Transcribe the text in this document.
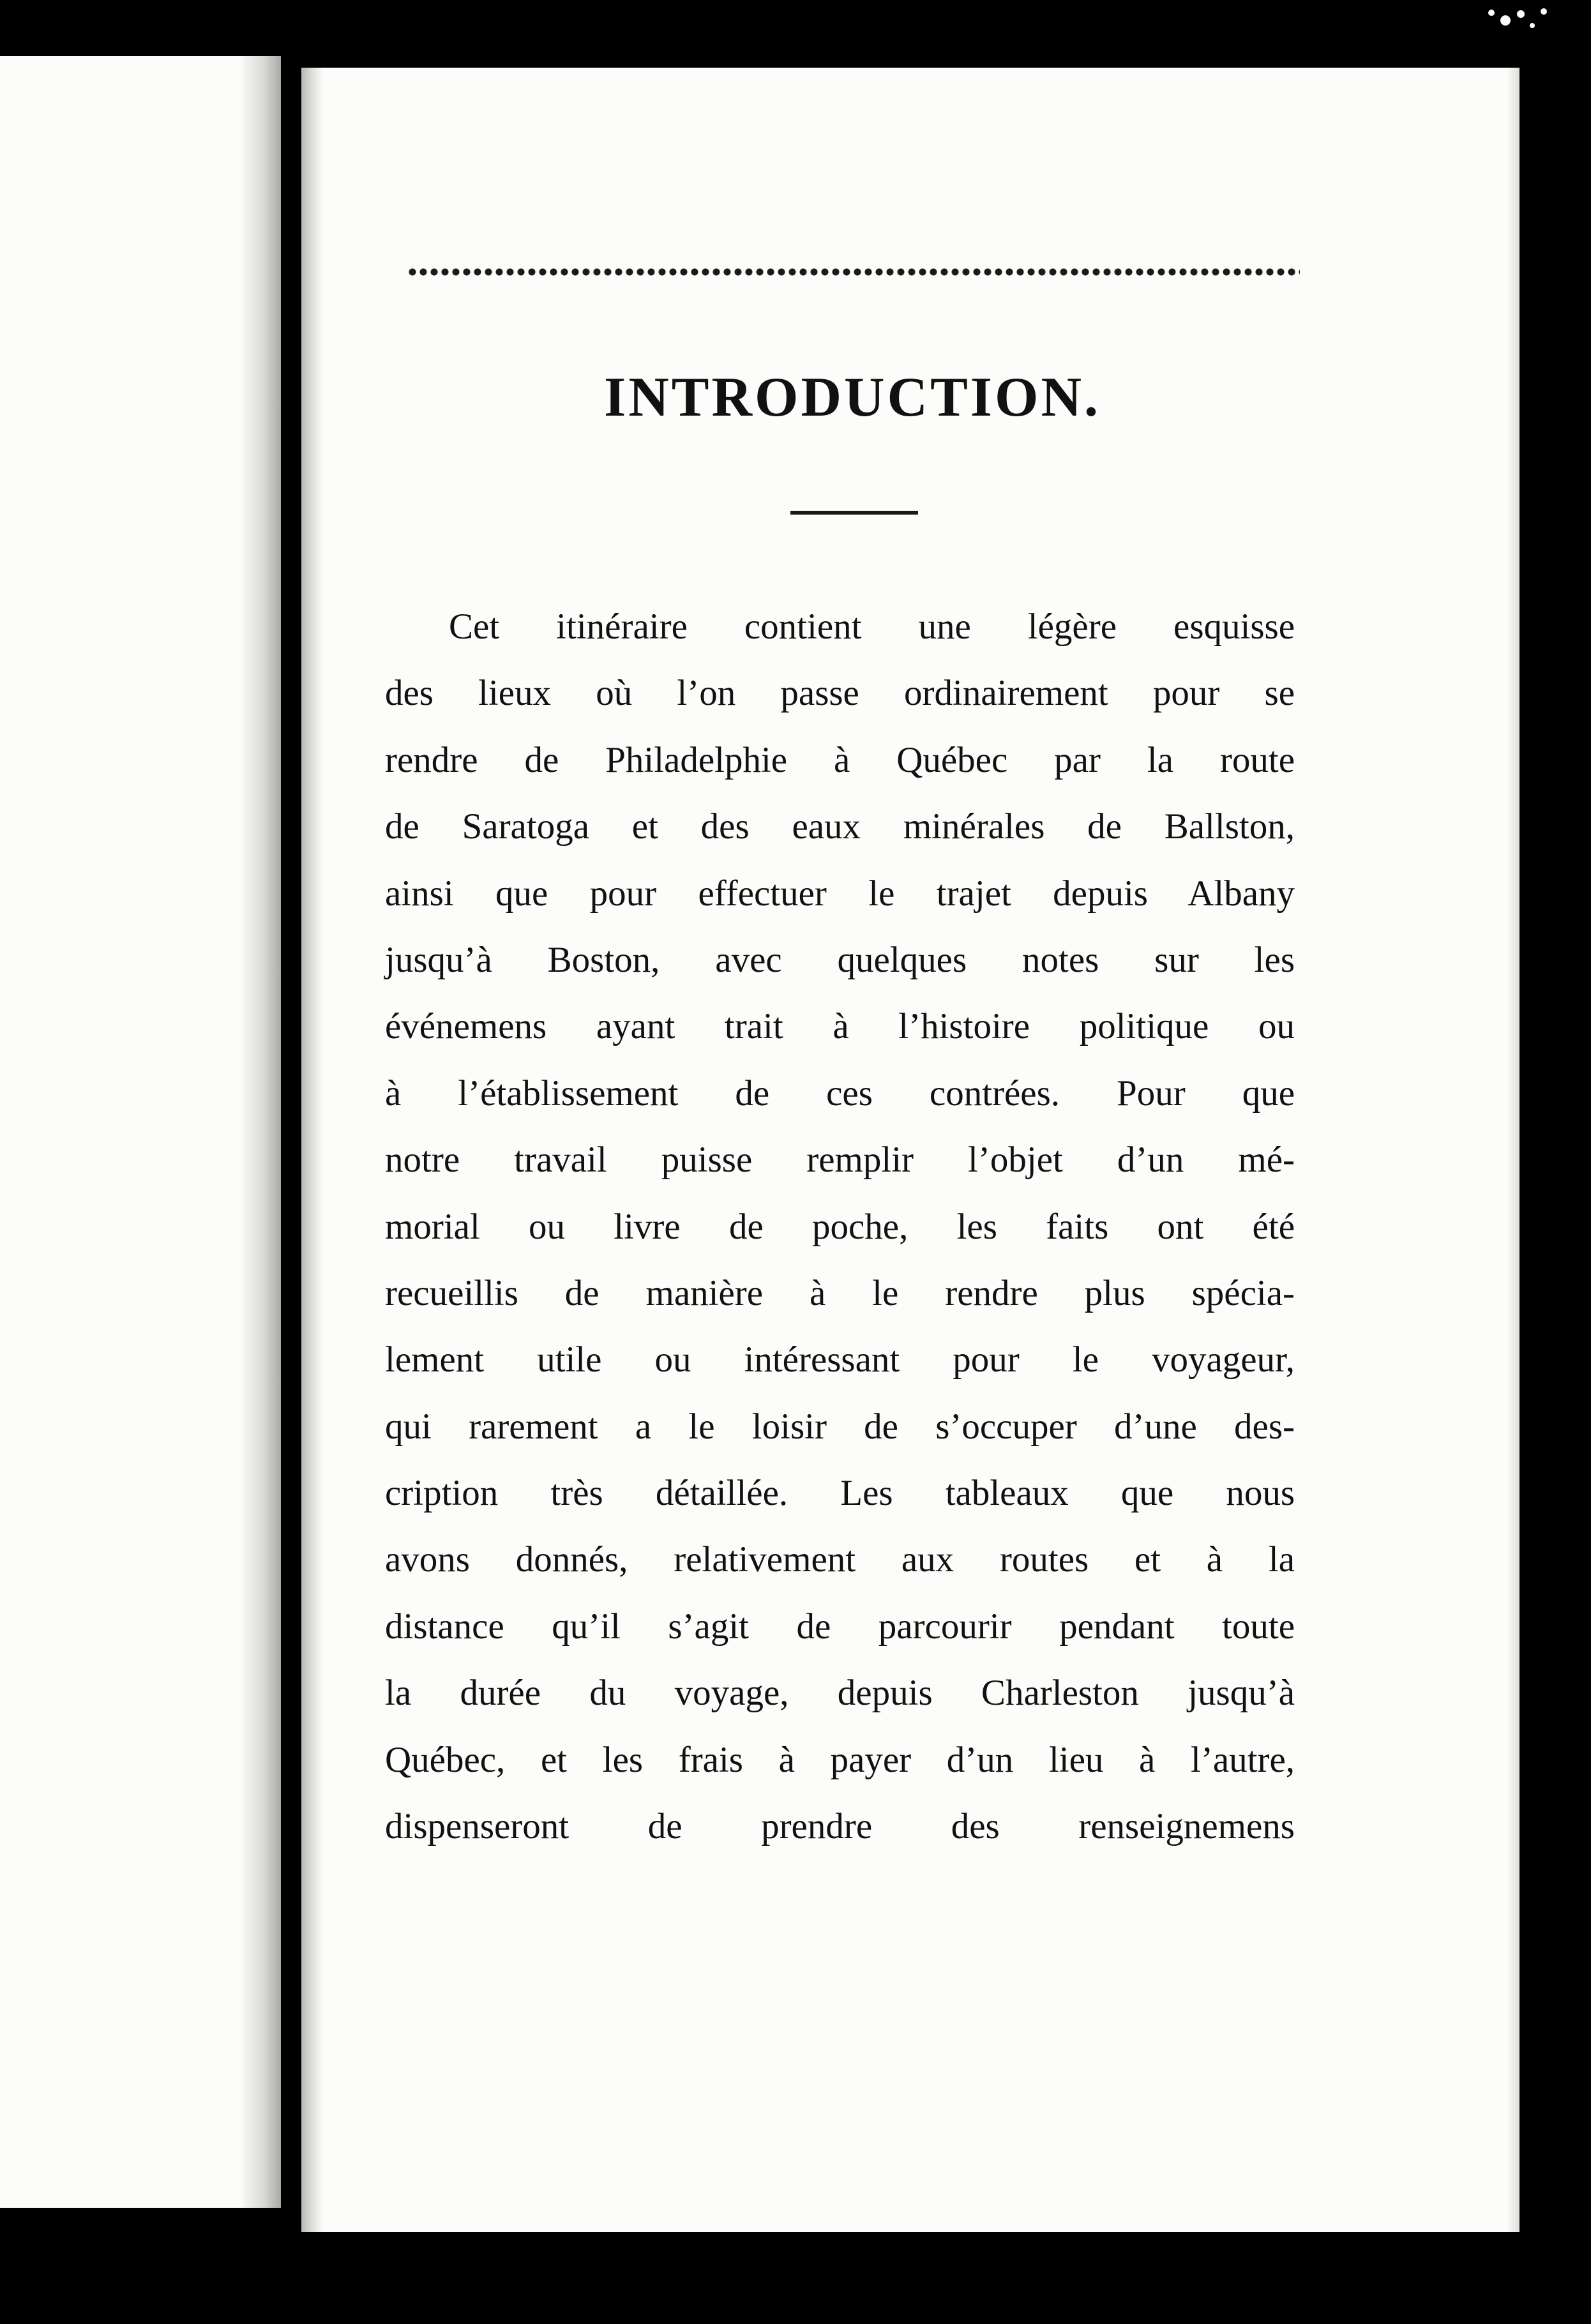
INTRODUCTION.
Cet itinéraire contient une légère esquisse
des lieux où l’on passe ordinairement pour se
rendre de Philadelphie à Québec par la route
de Saratoga et des eaux minérales de Ballston,
ainsi que pour effectuer le trajet depuis Albany
jusqu’à Boston, avec quelques notes sur les
événemens ayant trait à l’histoire politique ou
à l’établissement de ces contrées. Pour que
notre travail puisse remplir l’objet d’un mé-
morial ou livre de poche, les faits ont été
recueillis de manière à le rendre plus spécia-
lement utile ou intéressant pour le voyageur,
qui rarement a le loisir de s’occuper d’une des-
cription très détaillée. Les tableaux que nous
avons donnés, relativement aux routes et à la
distance qu’il s’agit de parcourir pendant toute
la durée du voyage, depuis Charleston jusqu’à
Québec, et les frais à payer d’un lieu à l’autre,
dispenseront de prendre des renseignemens
